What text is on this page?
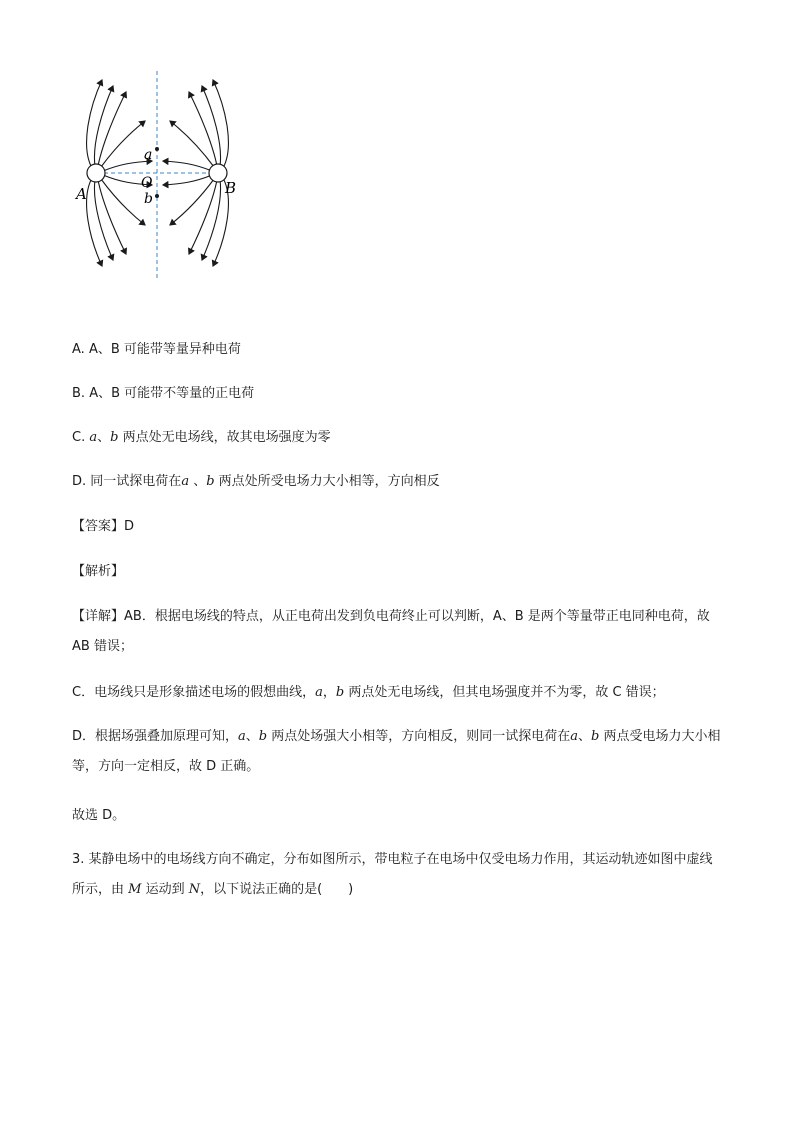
a
O
b
A	B
A. A、B 可能带等量异种电荷
B. A、B 可能带不等量的正电荷
C. a、b 两点处无电场线，故其电场强度为零
D. 同一试探电荷在a 、b 两点处所受电场力大小相等，方向相反
【答案】D
【解析】
【详解】AB．根据电场线的特点，从正电荷出发到负电荷终止可以判断，A、B 是两个等量带正电同种电荷，故 AB 错误；
C．电场线只是形象描述电场的假想曲线，a，b 两点处无电场线，但其电场强度并不为零，故 C 错误；
D．根据场强叠加原理可知，a、b 两点处场强大小相等，方向相反，则同一试探电荷在a、b 两点受电场力大小相等，方向一定相反，故 D 正确。
故选 D。
3. 某静电场中的电场线方向不确定，分布如图所示，带电粒子在电场中仅受电场力作用，其运动轨迹如图中虚线所示，由 M 运动到 N，以下说法正确的是(　　)
